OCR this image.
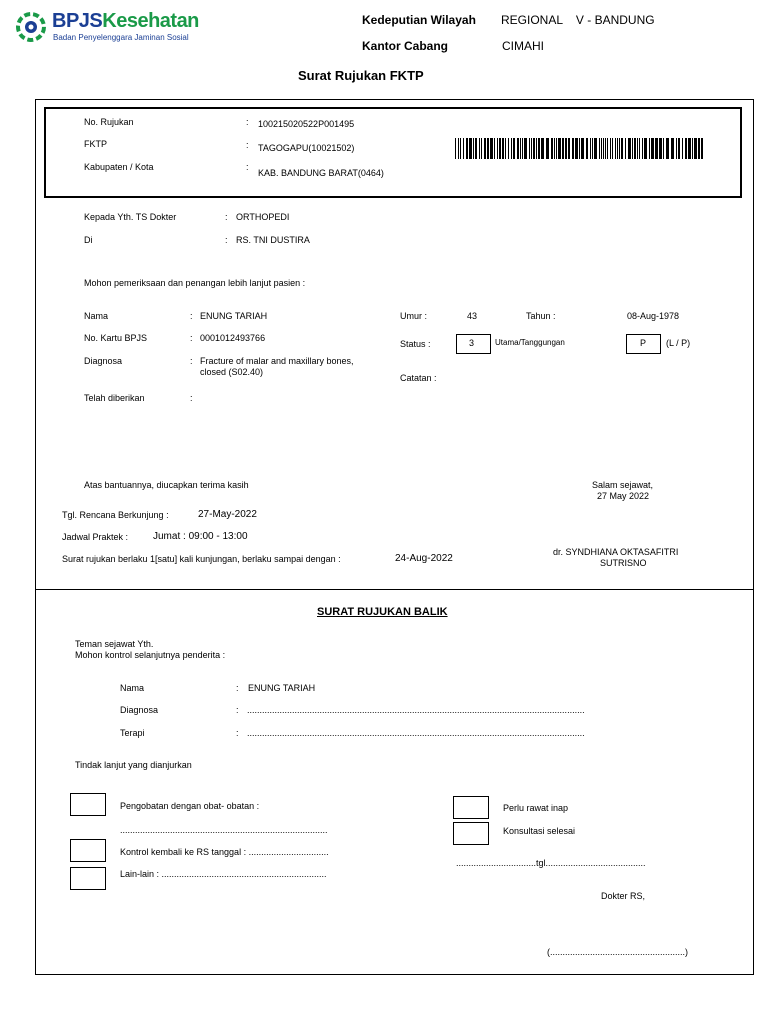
BPJSKesehatan
Badan Penyelenggara Jaminan Sosial
Kedeputian Wilayah REGIONAL    V - BANDUNG
Kantor Cabang	CIMAHI
Surat Rujukan FKTP
No. Rujukan	: 100215020522P001495
FKTP	: TAGOGAPU(10021502)
Kabupaten / Kota	:
KAB. BANDUNG BARAT(0464)
Kepada Yth. TS Dokter	: ORTHOPEDI
Di	: RS. TNI DUSTIRA
Mohon pemeriksaan dan penangan lebih lanjut pasien :
Nama	: ENUNG TARIAH
No. Kartu BPJS	: 0001012493766
Diagnosa	: Fracture of malar and maxillary bones,
closed (S02.40)
Telah diberikan	:
Umur :	43	Tahun :	08-Aug-1978
Status :	3	Utama/Tanggungan	P (L / P)
Catatan :
Atas bantuannya, diucapkan terima kasih	Salam sejawat,
27 May 2022
Tgl. Rencana Berkunjung :	27-May-2022
Jadwal Praktek : Jumat : 09:00 - 13:00
Surat rujukan berlaku 1[satu] kali kunjungan, berlaku sampai dengan :	24-Aug-2022
dr. SYNDHIANA OKTASAFITRI
SUTRISNO
SURAT RUJUKAN BALIK
Teman sejawat Yth.
Mohon kontrol selanjutnya penderita :
Nama	: ENUNG TARIAH
Diagnosa	: .......................................................................................................................................
Terapi	: .......................................................................................................................................
Tindak lanjut yang dianjurkan
Pengobatan dengan obat- obatan :
...................................................................................
Kontrol kembali ke RS tanggal : ................................
Lain-lain : ..................................................................
Perlu rawat inap
Konsultasi selesai
................................tgl........................................
Dokter RS,
(......................................................)
